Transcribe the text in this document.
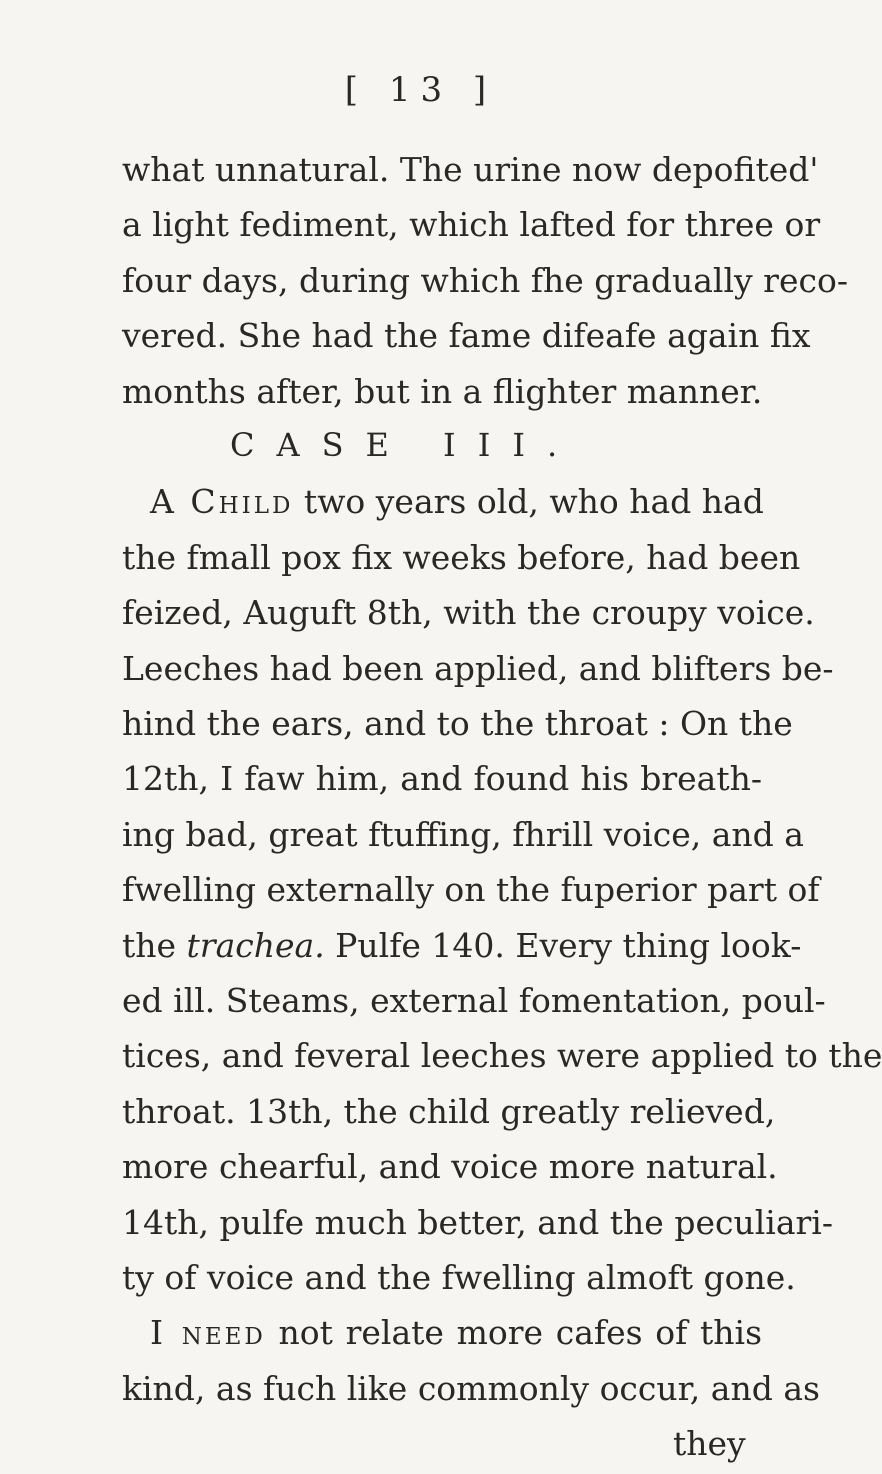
[ 13 ]
what unnatural. The urine now depofited'
a light fediment, which lafted for three or
four days, during which fhe gradually reco-
vered. She had the fame difeafe again fix
months after, but in a flighter manner.
CASE III.
A Child two years old, who had had
the fmall pox fix weeks before, had been
feized, Auguft 8th, with the croupy voice.
Leeches had been applied, and blifters be-
hind the ears, and to the throat : On the
12th, I faw him, and found his breath-
ing bad, great ftuffing, fhrill voice, and a
fwelling externally on the fuperior part of
the trachea. Pulfe 140. Every thing look-
ed ill. Steams, external fomentation, poul-
tices, and feveral leeches were applied to the
throat. 13th, the child greatly relieved,
more chearful, and voice more natural.
14th, pulfe much better, and the peculiari-
ty of voice and the fwelling almoft gone.
I need not relate more cafes of this
kind, as fuch like commonly occur, and as
they
